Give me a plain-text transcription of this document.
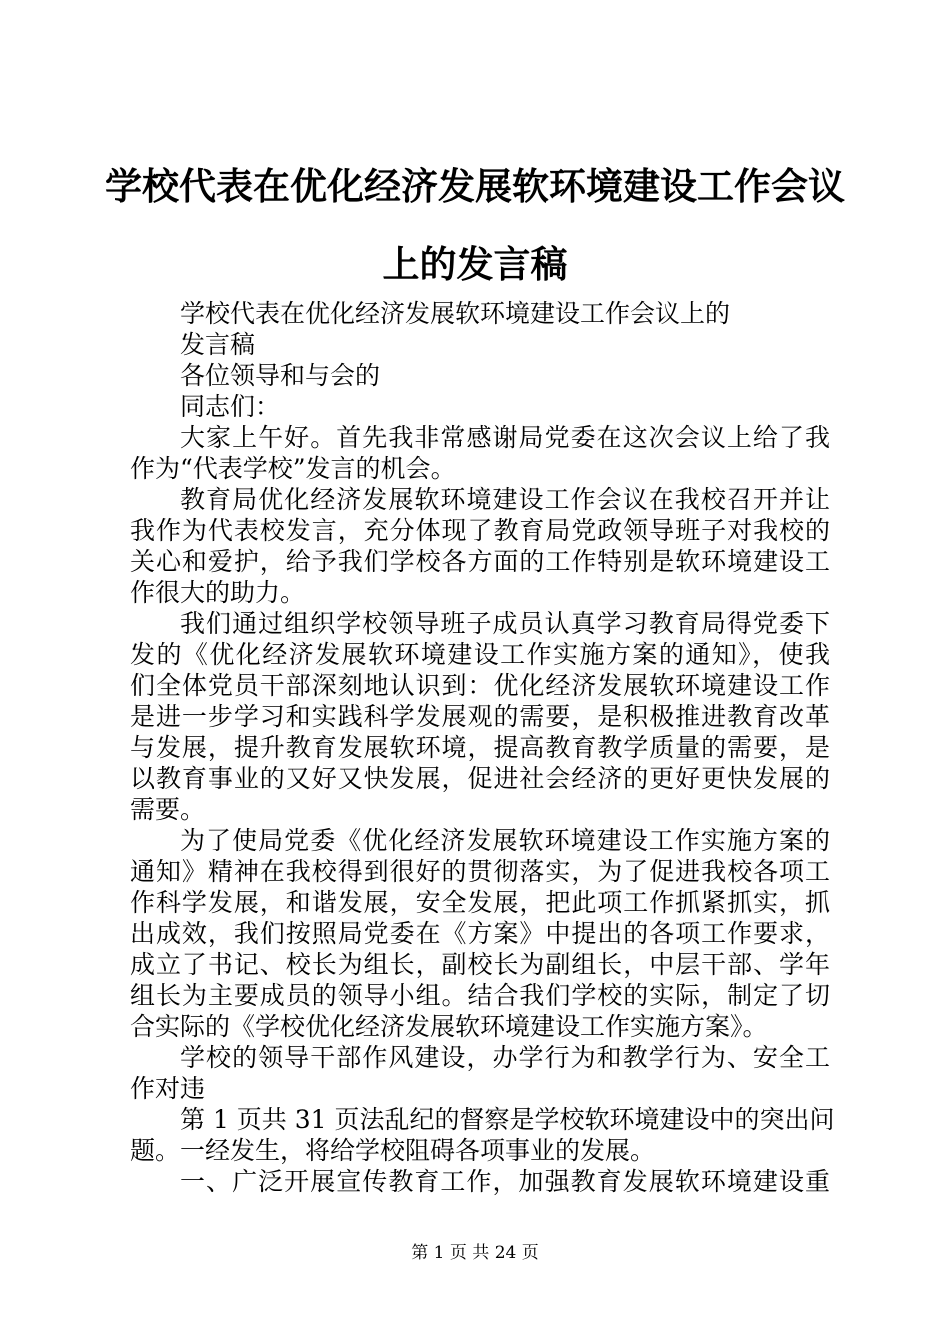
学校代表在优化经济发展软环境建设工作会议
上的发言稿
学校代表在优化经济发展软环境建设工作会议上的
发言稿
各位领导和与会的
同志们：
大家上午好。首先我非常感谢局党委在这次会议上给了我
作为“代表学校”发言的机会。
教育局优化经济发展软环境建设工作会议在我校召开并让
我作为代表校发言，充分体现了教育局党政领导班子对我校的
关心和爱护，给予我们学校各方面的工作特别是软环境建设工
作很大的助力。
我们通过组织学校领导班子成员认真学习教育局得党委下
发的《优化经济发展软环境建设工作实施方案的通知》，使我
们全体党员干部深刻地认识到：优化经济发展软环境建设工作
是进一步学习和实践科学发展观的需要，是积极推进教育改革
与发展，提升教育发展软环境，提高教育教学质量的需要，是
以教育事业的又好又快发展，促进社会经济的更好更快发展的
需要。
为了使局党委《优化经济发展软环境建设工作实施方案的
通知》精神在我校得到很好的贯彻落实，为了促进我校各项工
作科学发展，和谐发展，安全发展，把此项工作抓紧抓实，抓
出成效，我们按照局党委在《方案》中提出的各项工作要求，
成立了书记、校长为组长，副校长为副组长，中层干部、学年
组长为主要成员的领导小组。结合我们学校的实际，制定了切
合实际的《学校优化经济发展软环境建设工作实施方案》。
学校的领导干部作风建设，办学行为和教学行为、安全工
作对违
第 1 页共 31 页法乱纪的督察是学校软环境建设中的突出问
题。一经发生，将给学校阻碍各项事业的发展。
一、广泛开展宣传教育工作，加强教育发展软环境建设重
第 1 页 共 24 页
